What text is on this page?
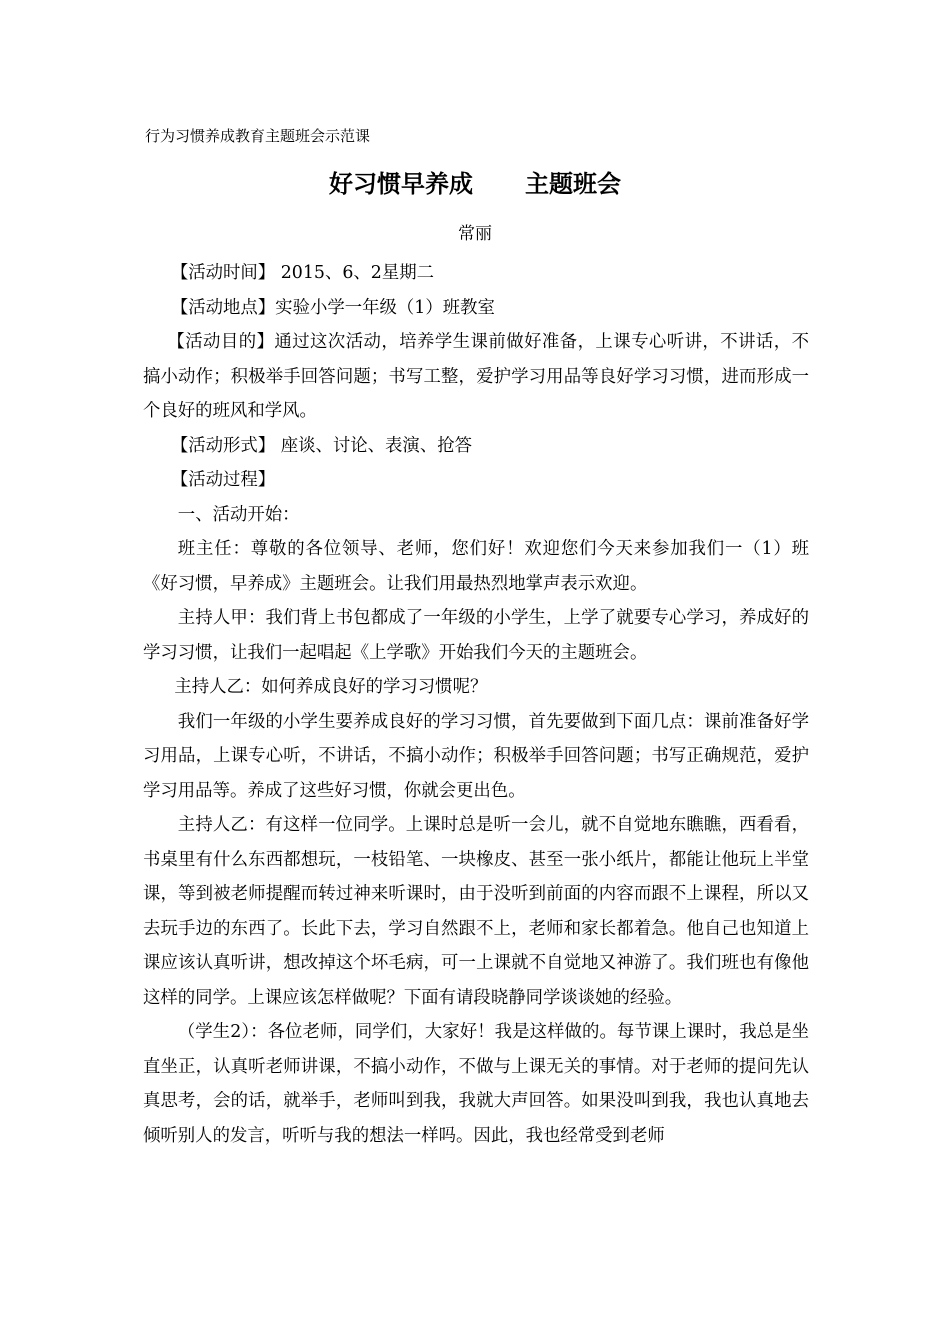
行为习惯养成教育主题班会示范课
好习惯早养成 主题班会
常丽

【活动时间】 2015、6、2星期二

【活动地点】实验小学一年级（1）班教室

【活动目的】通过这次活动，培养学生课前做好准备，上课专心听讲，不讲话，不搞小动作；积极举手回答问题；书写工整，爱护学习用品等良好学习习惯，进而形成一个良好的班风和学风。

【活动形式】 座谈、讨论、表演、抢答

【活动过程】

一、活动开始：

班主任：尊敬的各位领导、老师，您们好！欢迎您们今天来参加我们一（1）班《好习惯，早养成》主题班会。让我们用最热烈地掌声表示欢迎。

主持人甲：我们背上书包都成了一年级的小学生，上学了就要专心学习，养成好的学习习惯，让我们一起唱起《上学歌》开始我们今天的主题班会。

主持人乙：如何养成良好的学习习惯呢？

我们一年级的小学生要养成良好的学习习惯，首先要做到下面几点：课前准备好学习用品，上课专心听，不讲话，不搞小动作；积极举手回答问题；书写正确规范，爱护学习用品等。养成了这些好习惯，你就会更出色。

主持人乙：有这样一位同学。上课时总是听一会儿，就不自觉地东瞧瞧，西看看，书桌里有什么东西都想玩，一枝铅笔、一块橡皮、甚至一张小纸片，都能让他玩上半堂课，等到被老师提醒而转过神来听课时，由于没听到前面的内容而跟不上课程，所以又去玩手边的东西了。长此下去，学习自然跟不上，老师和家长都着急。他自己也知道上课应该认真听讲，想改掉这个坏毛病，可一上课就不自觉地又神游了。我们班也有像他这样的同学。上课应该怎样做呢？下面有请段晓静同学谈谈她的经验。

（学生2）：各位老师，同学们，大家好！我是这样做的。每节课上课时，我总是坐直坐正，认真听老师讲课，不搞小动作，不做与上课无关的事情。对于老师的提问先认真思考，会的话，就举手，老师叫到我，我就大声回答。如果没叫到我，我也认真地去倾听别人的发言，听听与我的想法一样吗。因此，我也经常受到老师
